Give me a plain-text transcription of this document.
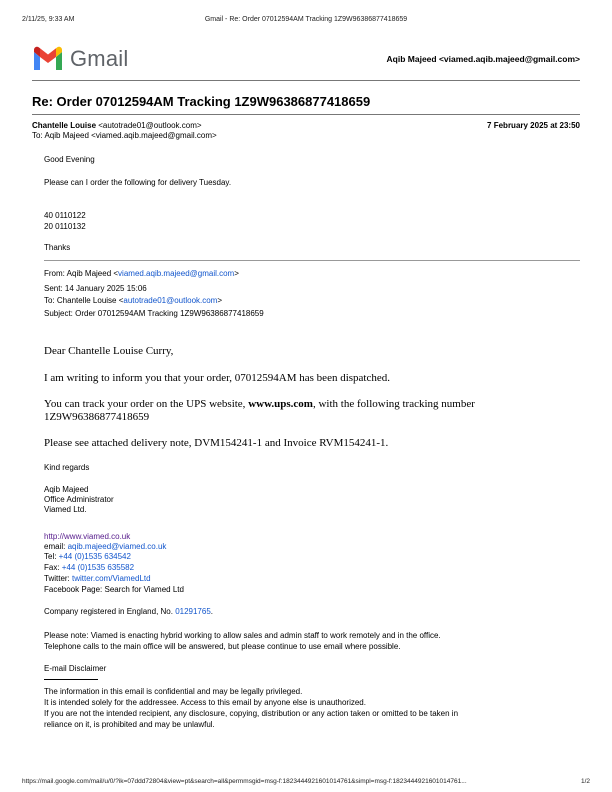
2/11/25, 9:33 AM	Gmail - Re: Order 07012594AM Tracking 1Z9W96386877418659
Gmail	Aqib Majeed <viamed.aqib.majeed@gmail.com>
Re: Order 07012594AM Tracking 1Z9W96386877418659
Chantelle Louise <autotrade01@outlook.com>	7 February 2025 at 23:50
To: Aqib Majeed <viamed.aqib.majeed@gmail.com>
Good Evening
Please can I order the following for delivery Tuesday.
40 0110122
20 0110132
Thanks
From: Aqib Majeed <viamed.aqib.majeed@gmail.com>
Sent: 14 January 2025 15:06
To: Chantelle Louise <autotrade01@outlook.com>
Subject: Order 07012594AM Tracking 1Z9W96386877418659
Dear Chantelle Louise Curry,
I am writing to inform you that your order, 07012594AM has been dispatched.
You can track your order on the UPS website, www.ups.com, with the following tracking number
1Z9W96386877418659
Please see attached delivery note, DVM154241-1 and Invoice RVM154241-1.
Kind regards
Aqib Majeed
Office Administrator
Viamed Ltd.
http://www.viamed.co.uk
email: aqib.majeed@viamed.co.uk
Tel: +44 (0)1535 634542
Fax: +44 (0)1535 635582
Twitter: twitter.com/ViamedLtd
Facebook Page: Search for Viamed Ltd
Company registered in England, No. 01291765.
Please note: Viamed is enacting hybrid working to allow sales and admin staff to work remotely and in the office.
Telephone calls to the main office will be answered, but please continue to use email where possible.
E-mail Disclaimer
The information in this email is confidential and may be legally privileged.
It is intended solely for the addressee. Access to this email by anyone else is unauthorized.
If you are not the intended recipient, any disclosure, copying, distribution or any action taken or omitted to be taken in
reliance on it, is prohibited and may be unlawful.
https://mail.google.com/mail/u/0/?ik=07ddd72804&view=pt&search=all&permmsgid=msg-f:1823444921601014761&simpl=msg-f:1823444921601014761...	1/2
